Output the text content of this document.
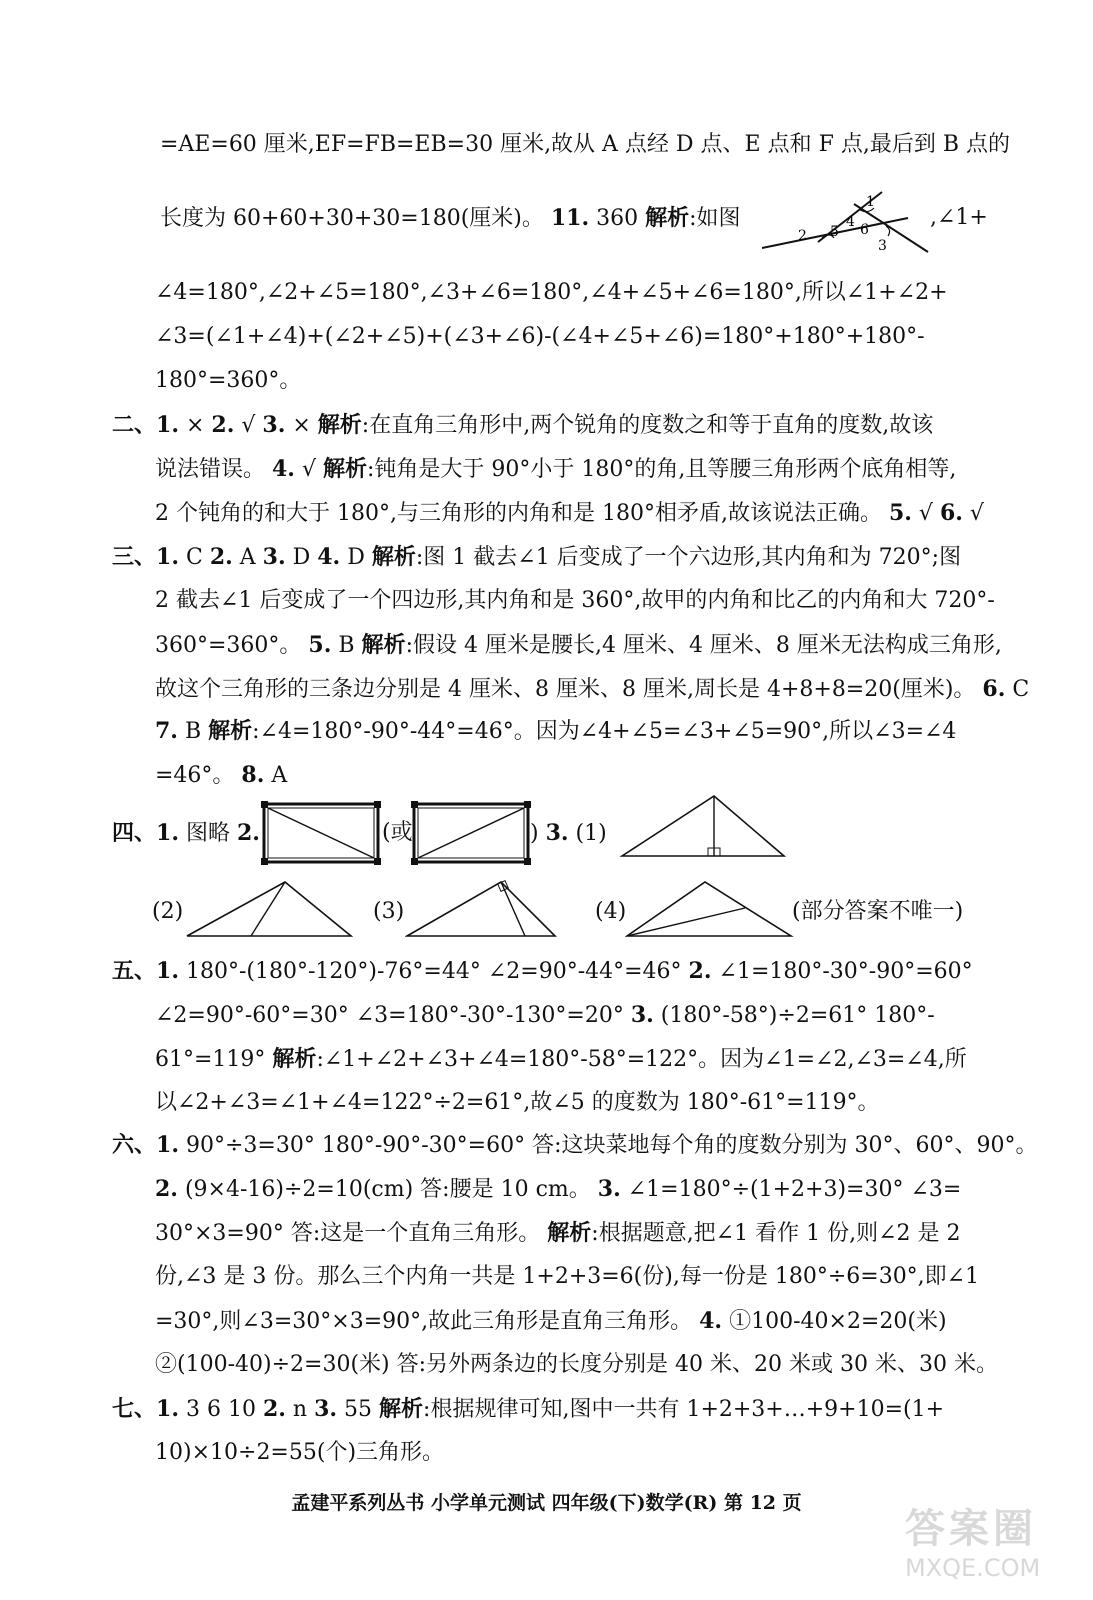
=AE=60 厘米,EF=FB=EB=30 厘米,故从 A 点经 D 点、E 点和 F 点,最后到 B 点的
长度为 60+60+30+30=180(厘米)。 11. 360 解析:如图	,∠1+
∠4=180°,∠2+∠5=180°,∠3+∠6=180°,∠4+∠5+∠6=180°,所以∠1+∠2+
∠3=(∠1+∠4)+(∠2+∠5)+(∠3+∠6)-(∠4+∠5+∠6)=180°+180°+180°-
180°=360°。
二、1. × 2. √ 3. × 解析:在直角三角形中,两个锐角的度数之和等于直角的度数,故该
说法错误。 4. √ 解析:钝角是大于 90°小于 180°的角,且等腰三角形两个底角相等,
2 个钝角的和大于 180°,与三角形的内角和是 180°相矛盾,故该说法正确。 5. √ 6. √
三、1. C 2. A 3. D 4. D 解析:图 1 截去∠1 后变成了一个六边形,其内角和为 720°;图
2 截去∠1 后变成了一个四边形,其内角和是 360°,故甲的内角和比乙的内角和大 720°-
360°=360°。 5. B 解析:假设 4 厘米是腰长,4 厘米、4 厘米、8 厘米无法构成三角形,
故这个三角形的三条边分别是 4 厘米、8 厘米、8 厘米,周长是 4+8+8=20(厘米)。 6. C
7. B 解析:∠4=180°-90°-44°=46°。因为∠4+∠5=∠3+∠5=90°,所以∠3=∠4
=46°。 8. A
四、1. 图略 2.	(或	) 3. (1)
(2)	(3)	(4)	(部分答案不唯一)
五、1. 180°-(180°-120°)-76°=44° ∠2=90°-44°=46° 2. ∠1=180°-30°-90°=60°
∠2=90°-60°=30° ∠3=180°-30°-130°=20° 3. (180°-58°)÷2=61° 180°-
61°=119° 解析:∠1+∠2+∠3+∠4=180°-58°=122°。因为∠1=∠2,∠3=∠4,所
以∠2+∠3=∠1+∠4=122°÷2=61°,故∠5 的度数为 180°-61°=119°。
六、1. 90°÷3=30° 180°-90°-30°=60° 答:这块菜地每个角的度数分别为 30°、60°、90°。
2. (9×4-16)÷2=10(cm) 答:腰是 10 cm。 3. ∠1=180°÷(1+2+3)=30° ∠3=
30°×3=90° 答:这是一个直角三角形。 解析:根据题意,把∠1 看作 1 份,则∠2 是 2
份,∠3 是 3 份。那么三个内角一共是 1+2+3=6(份),每一份是 180°÷6=30°,即∠1
=30°,则∠3=30°×3=90°,故此三角形是直角三角形。 4. ①100-40×2=20(米)
②(100-40)÷2=30(米) 答:另外两条边的长度分别是 40 米、20 米或 30 米、30 米。
七、1. 3 6 10 2. n 3. 55 解析:根据规律可知,图中一共有 1+2+3+…+9+10=(1+
10)×10÷2=55(个)三角形。
1
2
3
4
5 6
孟建平系列丛书 小学单元测试 四年级(下)数学(R) 第 12 页
答案圈
MXQE.COM
